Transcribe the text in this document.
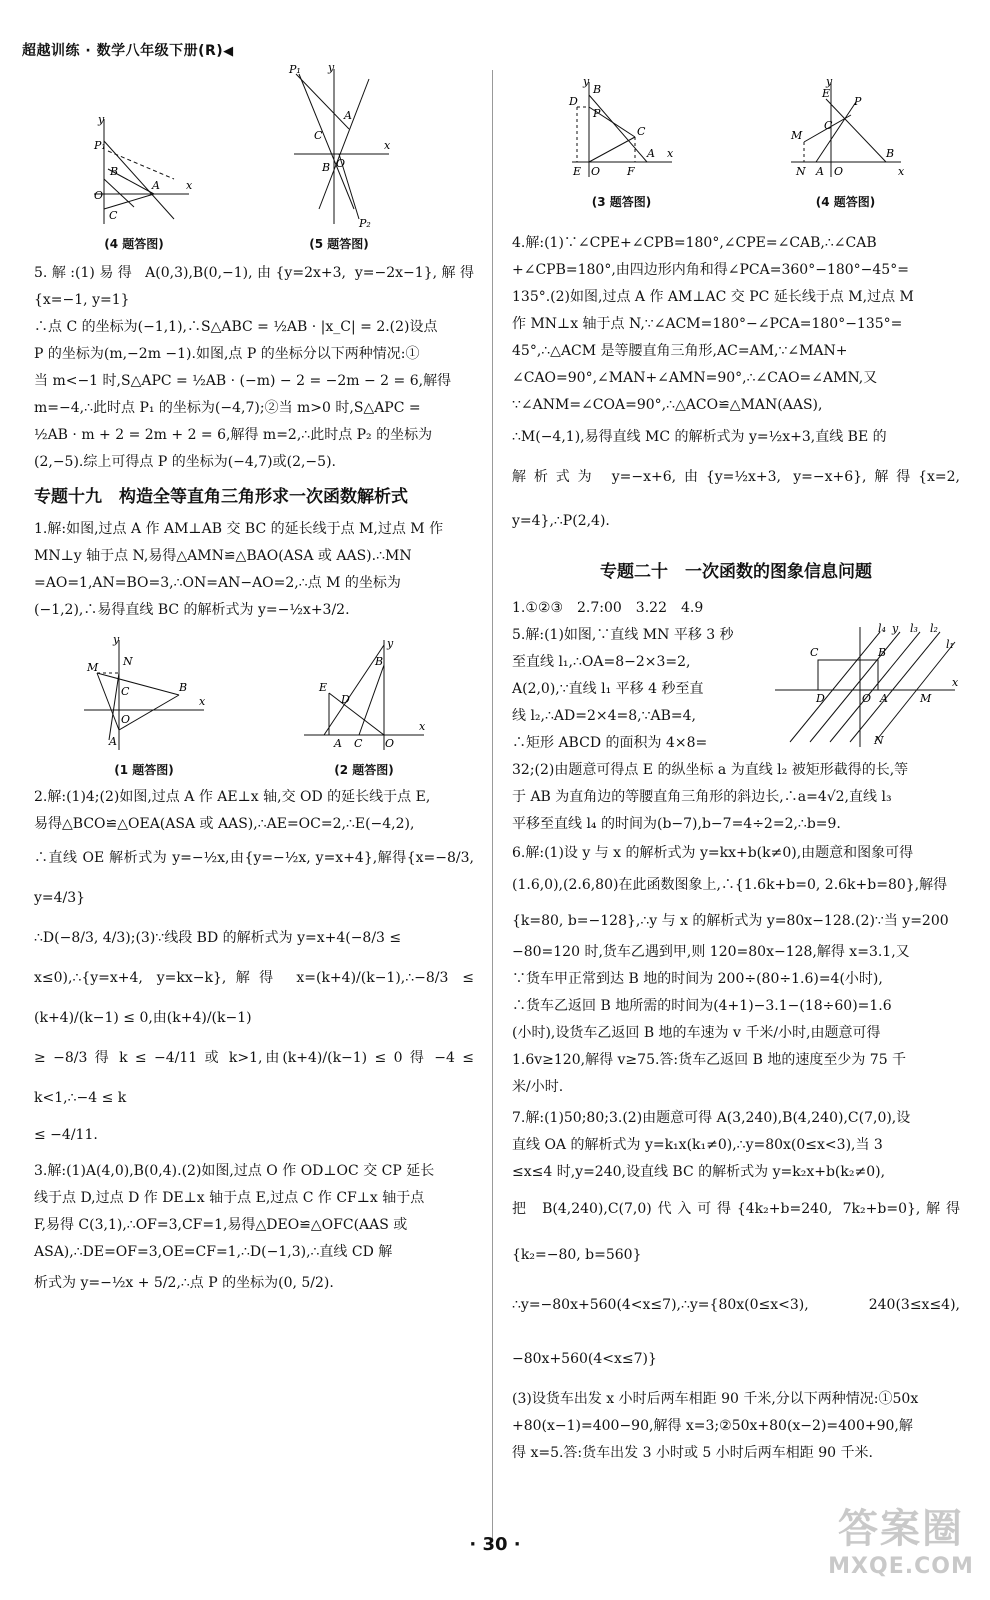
超越训练 · 数学八年级下册(R)◀
P₁
B
C
A
O
x
y
(4 题答图)
P₁ y
A
C
B O
x
P₂
(5 题答图)

5.解:(1)易得 A(0,3),B(0,−1),由{y=2x+3, y=−2x−1},解得{x=−1, y=1}

∴点 C 的坐标为(−1,1),∴S△ABC = ½AB · |x_C| = 2.(2)设点

P 的坐标为(m,−2m −1).如图,点 P 的坐标分以下两种情况:①

当 m<−1 时,S△APC = ½AB · (−m) − 2 = −2m − 2 = 6,解得

m=−4,∴此时点 P₁ 的坐标为(−4,7);②当 m>0 时,S△APC =

½AB · m + 2 = 2m + 2 = 6,解得 m=2,∴此时点 P₂ 的坐标为

(2,−5).综上可得点 P 的坐标为(−4,7)或(2,−5).

专题十九　构造全等直角三角形求一次函数解析式

1.解:如图,过点 A 作 AM⊥AB 交 BC 的延长线于点 M,过点 M 作

MN⊥y 轴于点 N,易得△AMN≌△BAO(ASA 或 AAS).∴MN

=AO=1,AN=BO=3,∴ON=AN−AO=2,∴点 M 的坐标为

(−1,2),∴易得直线 BC 的解析式为 y=−½x+3/2.

M N
C	B
O
A
x
y
(1 题答图)
E
D
y
A C O
x
B
(2 题答图)

2.解:(1)4;(2)如图,过点 A 作 AE⊥x 轴,交 OD 的延长线于点 E,

易得△BCO≌△OEA(ASA 或 AAS),∴AE=OC=2,∴E(−4,2),

∴直线 OE 解析式为 y=−½x,由{y=−½x, y=x+4},解得{x=−8/3, y=4/3}

∴D(−8/3, 4/3);(3)∵线段 BD 的解析式为 y=x+4(−8/3 ≤

x≤0),∴{y=x+4, y=kx−k},解得 x=(k+4)/(k−1),∴−8/3 ≤ (k+4)/(k−1) ≤ 0,由(k+4)/(k−1)

≥ −8/3 得 k ≤ −4/11 或 k>1,由(k+4)/(k−1) ≤ 0 得 −4 ≤ k<1,∴−4 ≤ k

≤ −4/11.

3.解:(1)A(4,0),B(0,4).(2)如图,过点 O 作 OD⊥OC 交 CP 延长

线于点 D,过点 D 作 DE⊥x 轴于点 E,过点 C 作 CF⊥x 轴于点

F,易得 C(3,1),∴OF=3,CF=1,易得△DEO≌△OFC(AAS 或

ASA),∴DE=OF=3,OE=CF=1,∴D(−1,3),∴直线 CD 解

析式为 y=−½x + 5/2,∴点 P 的坐标为(0, 5/2).

D
B
P
C
A
E O F
x
y
(3 题答图)
E
y
P
C
M
N A O
B
x
(4 题答图)

4.解:(1)∵∠CPE+∠CPB=180°,∠CPE=∠CAB,∴∠CAB

+∠CPB=180°,由四边形内角和得∠PCA=360°−180°−45°=

135°.(2)如图,过点 A 作 AM⊥AC 交 PC 延长线于点 M,过点 M

作 MN⊥x 轴于点 N,∵∠ACM=180°−∠PCA=180°−135°=

45°,∴△ACM 是等腰直角三角形,AC=AM,∵∠MAN+

∠CAO=90°,∠MAN+∠AMN=90°,∴∠CAO=∠AMN,又

∵∠ANM=∠COA=90°,∴△ACO≌△MAN(AAS),

∴M(−4,1),易得直线 MC 的解析式为 y=½x+3,直线 BE 的

解析式为 y=−x+6,由{y=½x+3, y=−x+6},解得{x=2, y=4},∴P(2,4).

专题二十　一次函数的图象信息问题

1.①②③　2.7:00　3.22　4.9

C	B
D	O A	M
x
N
l₄ y l₃ l₂
l₁

5.解:(1)如图,∵直线 MN 平移 3 秒

至直线 l₁,∴OA=8−2×3=2,

A(2,0),∵直线 l₁ 平移 4 秒至直

线 l₂,∴AD=2×4=8,∵AB=4,

∴矩形 ABCD 的面积为 4×8=

32;(2)由题意可得点 E 的纵坐标 a 为直线 l₂ 被矩形截得的长,等

于 AB 为直角边的等腰直角三角形的斜边长,∴a=4√2,直线 l₃

平移至直线 l₄ 的时间为(b−7),b−7=4÷2=2,∴b=9.

6.解:(1)设 y 与 x 的解析式为 y=kx+b(k≠0),由题意和图象可得

(1.6,0),(2.6,80)在此函数图象上,∴{1.6k+b=0, 2.6k+b=80},解得

{k=80, b=−128},∴y 与 x 的解析式为 y=80x−128.(2)∵当 y=200

−80=120 时,货车乙遇到甲,则 120=80x−128,解得 x=3.1,又

∵货车甲正常到达 B 地的时间为 200÷(80÷1.6)=4(小时),

∴货车乙返回 B 地所需的时间为(4+1)−3.1−(18÷60)=1.6

(小时),设货车乙返回 B 地的车速为 v 千米/小时,由题意可得

1.6v≥120,解得 v≥75.答:货车乙返回 B 地的速度至少为 75 千

米/小时.

7.解:(1)50;80;3.(2)由题意可得 A(3,240),B(4,240),C(7,0),设

直线 OA 的解析式为 y=k₁x(k₁≠0),∴y=80x(0≤x<3),当 3

≤x≤4 时,y=240,设直线 BC 的解析式为 y=k₂x+b(k₂≠0),

把 B(4,240),C(7,0)代入可得{4k₂+b=240, 7k₂+b=0},解得{k₂=−80, b=560}

∴y=−80x+560(4<x≤7),∴y={80x(0≤x<3), 240(3≤x≤4), −80x+560(4<x≤7)}

(3)设货车出发 x 小时后两车相距 90 千米,分以下两种情况:①50x

+80(x−1)=400−90,解得 x=3;②50x+80(x−2)=400+90,解

得 x=5.答:货车出发 3 小时或 5 小时后两车相距 90 千米.

· 30 ·	答案圈
MXQE.COM
